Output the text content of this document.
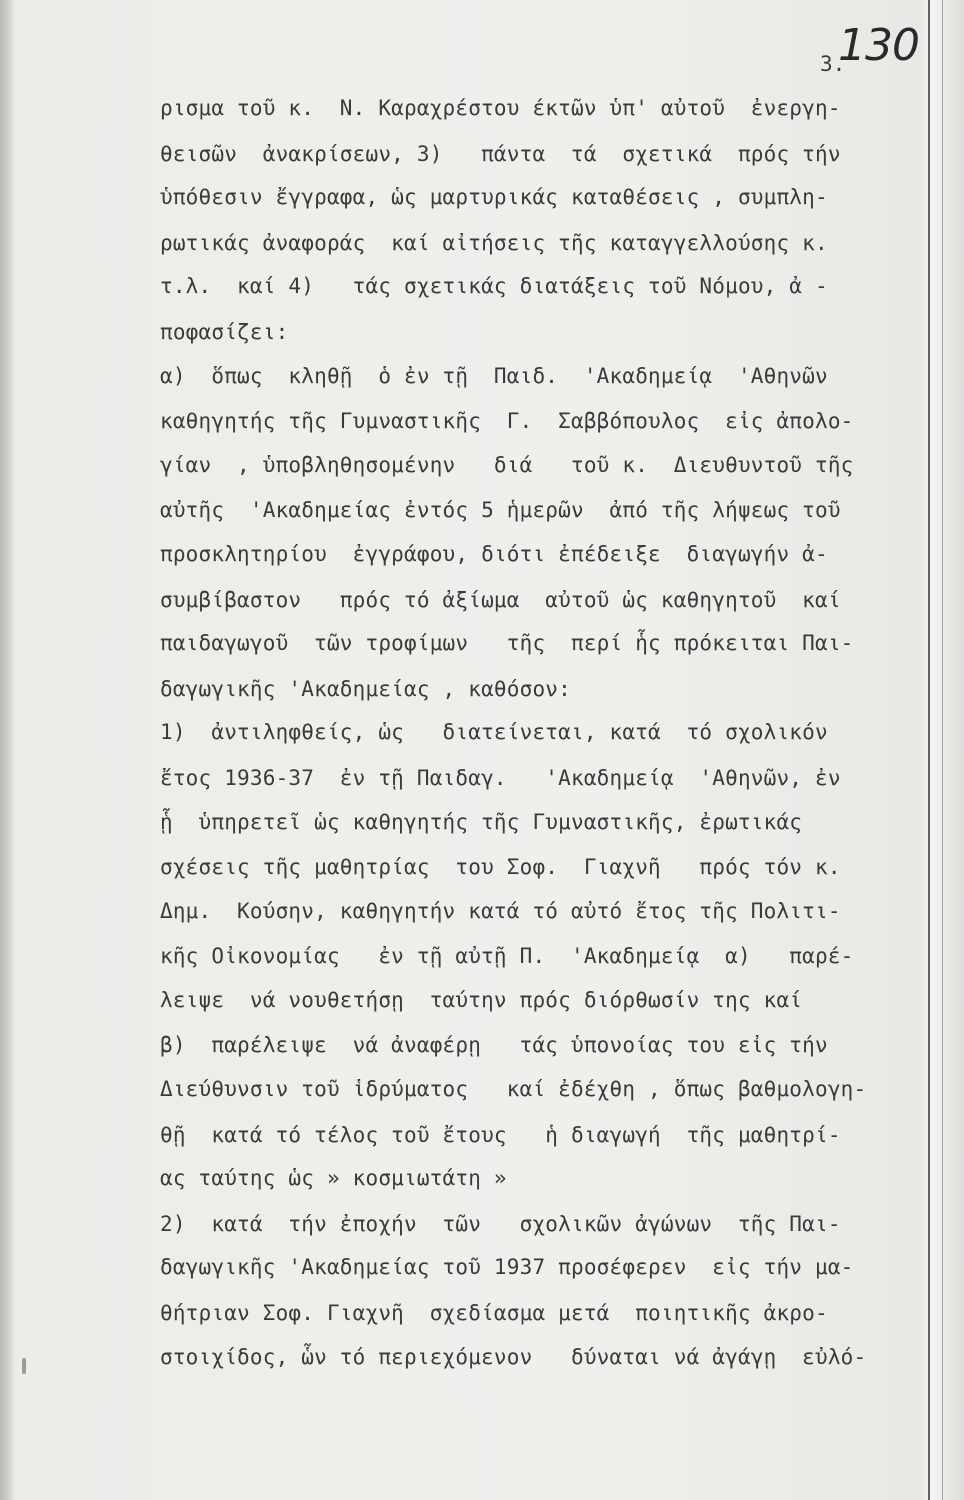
130
3.
ρισμα τοῦ κ.  Ν. Καραχρέστου έκτῶν ὑπ' αὐτοῦ  ἐνεργη-
θεισῶν  ἀνακρίσεων, 3)   πάντα  τά  σχετικά  πρός τήν
ὑπόθεσιν ἔγγραφα, ὡς μαρτυρικάς καταθέσεις , συμπλη-
ρωτικάς ἀναφοράς  καί αἰτήσεις τῆς καταγγελλούσης κ.
τ.λ.  καί 4)   τάς σχετικάς διατάξεις τοῦ Νόμου, ἀ -
ποφασίζει:
α)  ὅπως  κληθῇ  ὁ ἐν τῇ  Παιδ.  'Ακαδημείᾳ  'Αθηνῶν
καθηγητής τῆς Γυμναστικῆς  Γ.  Σαββόπουλος  εἰς ἀπολο-
γίαν  , ὑποβληθησομένην   διά   τοῦ κ.  Διευθυντοῦ τῆς
αὐτῆς  'Ακαδημείας ἐντός 5 ἡμερῶν  ἀπό τῆς λήψεως τοῦ
προσκλητηρίου  ἐγγράφου, διότι ἐπέδειξε  διαγωγήν ἀ-
συμβίβαστον   πρός τό ἀξίωμα  αὐτοῦ ὡς καθηγητοῦ  καί
παιδαγωγοῦ  τῶν τροφίμων   τῆς  περί ἧς πρόκειται Παι-
δαγωγικῆς 'Ακαδημείας , καθόσον:
1)  ἀντιληφθείς, ὡς   διατείνεται, κατά  τό σχολικόν
ἔτος 1936-37  ἐν τῇ Παιδαγ.   'Ακαδημείᾳ  'Αθηνῶν, ἐν
ᾗ  ὑπηρετεῖ ὡς καθηγητής τῆς Γυμναστικῆς, ἐρωτικάς
σχέσεις τῆς μαθητρίας  του Σοφ.  Γιαχνῆ   πρός τόν κ.
Δημ.  Κούσην, καθηγητήν κατά τό αὐτό ἔτος τῆς Πολιτι-
κῆς Οἰκονομίας   ἐν τῇ αὐτῇ Π.  'Ακαδημείᾳ  α)   παρέ-
λειψε  νά νουθετήσῃ  ταύτην πρός διόρθωσίν της καί
β)  παρέλειψε  νά ἀναφέρῃ   τάς ὑπονοίας του εἰς τήν
Διεύθυνσιν τοῦ ἱδρύματος   καί ἐδέχθη , ὅπως βαθμολογη-
θῇ  κατά τό τέλος τοῦ ἔτους   ἡ διαγωγή  τῆς μαθητρί-
ας ταύτης ὡς » κοσμιωτάτη »
2)  κατά  τήν ἐποχήν  τῶν   σχολικῶν ἀγώνων  τῆς Παι-
δαγωγικῆς 'Ακαδημείας τοῦ 1937 προσέφερεν  εἰς τήν μα-
θήτριαν Σοφ. Γιαχνῆ  σχεδίασμα μετά  ποιητικῆς ἀκρο-
στοιχίδος, ὧν τό περιεχόμενον   δύναται νά ἀγάγῃ  εὐλό-
